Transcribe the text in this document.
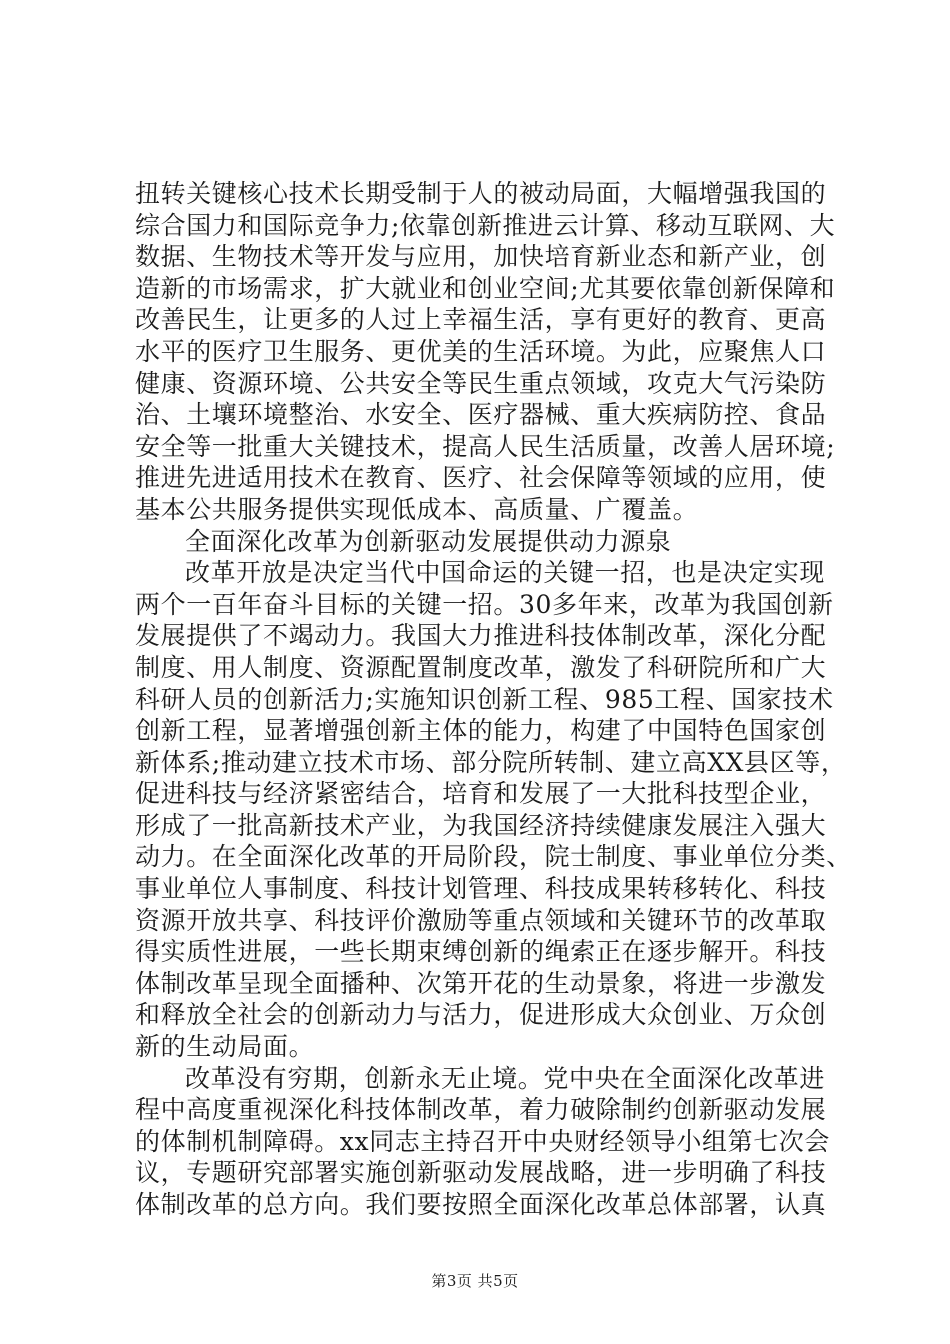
扭转关键核心技术长期受制于人的被动局面，大幅增强我国的
综合国力和国际竞争力;依靠创新推进云计算、移动互联网、大
数据、生物技术等开发与应用，加快培育新业态和新产业，创
造新的市场需求，扩大就业和创业空间;尤其要依靠创新保障和
改善民生，让更多的人过上幸福生活，享有更好的教育、更高
水平的医疗卫生服务、更优美的生活环境。为此，应聚焦人口
健康、资源环境、公共安全等民生重点领域，攻克大气污染防
治、土壤环境整治、水安全、医疗器械、重大疾病防控、食品
安全等一批重大关键技术，提高人民生活质量，改善人居环境;
推进先进适用技术在教育、医疗、社会保障等领域的应用，使
基本公共服务提供实现低成本、高质量、广覆盖。
全面深化改革为创新驱动发展提供动力源泉
改革开放是决定当代中国命运的关键一招，也是决定实现
两个一百年奋斗目标的关键一招。30多年来，改革为我国创新
发展提供了不竭动力。我国大力推进科技体制改革，深化分配
制度、用人制度、资源配置制度改革，激发了科研院所和广大
科研人员的创新活力;实施知识创新工程、985工程、国家技术
创新工程，显著增强创新主体的能力，构建了中国特色国家创
新体系;推动建立技术市场、部分院所转制、建立高XX县区等，
促进科技与经济紧密结合，培育和发展了一大批科技型企业，
形成了一批高新技术产业，为我国经济持续健康发展注入强大
动力。在全面深化改革的开局阶段，院士制度、事业单位分类、
事业单位人事制度、科技计划管理、科技成果转移转化、科技
资源开放共享、科技评价激励等重点领域和关键环节的改革取
得实质性进展，一些长期束缚创新的绳索正在逐步解开。科技
体制改革呈现全面播种、次第开花的生动景象，将进一步激发
和释放全社会的创新动力与活力，促进形成大众创业、万众创
新的生动局面。
改革没有穷期，创新永无止境。党中央在全面深化改革进
程中高度重视深化科技体制改革，着力破除制约创新驱动发展
的体制机制障碍。xx同志主持召开中央财经领导小组第七次会
议，专题研究部署实施创新驱动发展战略，进一步明确了科技
体制改革的总方向。我们要按照全面深化改革总体部署，认真
第3页 共5页
